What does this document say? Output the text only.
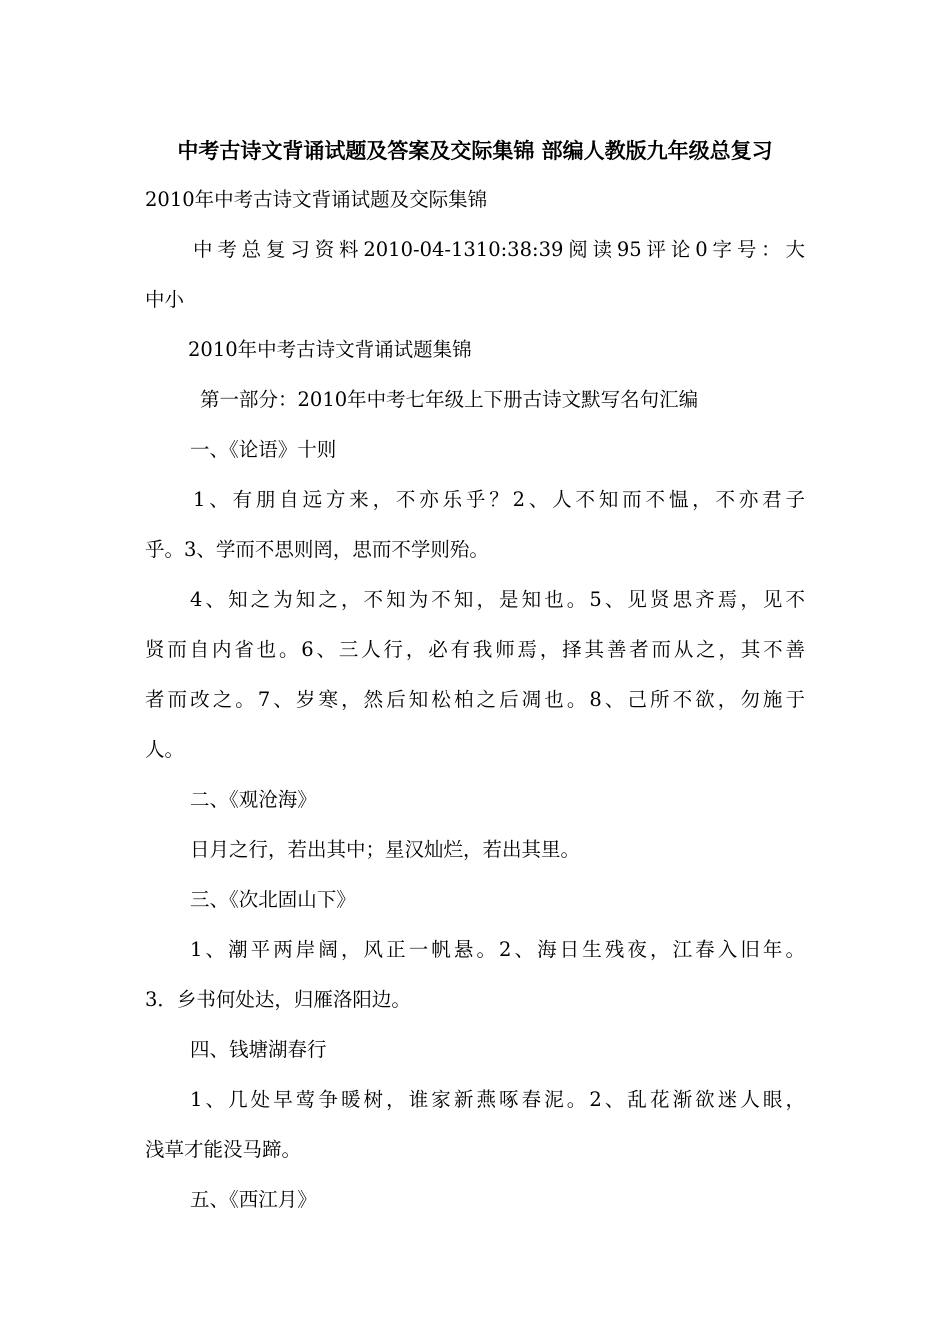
中考古诗文背诵试题及答案及交际集锦 部编人教版九年级总复习
2010年中考古诗文背诵试题及交际集锦
中考总复习资料2010-04-1310:38:39阅读95评论0字号：大
中小
2010年中考古诗文背诵试题集锦
第一部分：2010年中考七年级上下册古诗文默写名句汇编
一、《论语》十则
1、有朋自远方来，不亦乐乎？2、人不知而不愠，不亦君子
乎。3、学而不思则罔，思而不学则殆。
4、知之为知之，不知为不知，是知也。5、见贤思齐焉，见不
贤而自内省也。6、三人行，必有我师焉，择其善者而从之，其不善
者而改之。7、岁寒，然后知松柏之后凋也。8、己所不欲，勿施于
人。
二、《观沧海》
日月之行，若出其中；星汉灿烂，若出其里。
三、《次北固山下》
1、潮平两岸阔，风正一帆悬。2、海日生残夜，江春入旧年。
3．乡书何处达，归雁洛阳边。
四、钱塘湖春行
1、几处早莺争暖树，谁家新燕啄春泥。2、乱花渐欲迷人眼，
浅草才能没马蹄。
五、《西江月》
